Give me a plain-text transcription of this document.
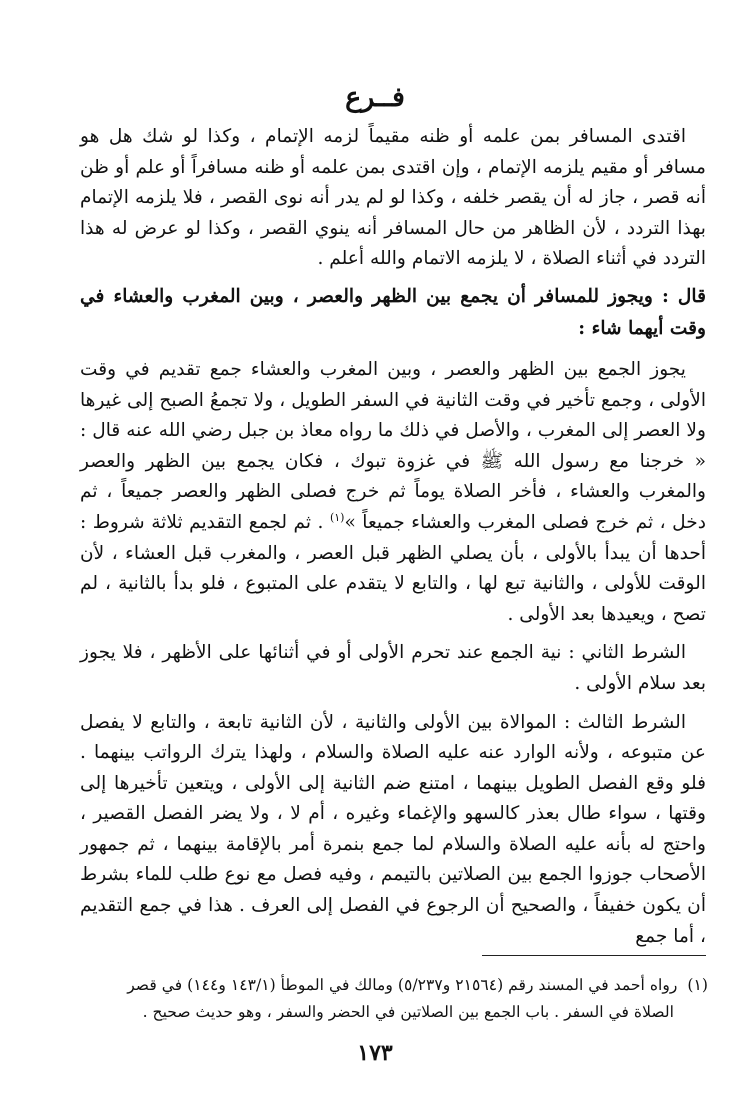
فــرع

اقتدى المسافر بمن علمه أو ظنه مقيماً لزمه الإتمام ، وكذا لو شك هل هو مسافر أو مقيم يلزمه الإتمام ، وإن اقتدى بمن علمه أو ظنه مسافراً أو علم أو ظن أنه قصر ، جاز له أن يقصر خلفه ، وكذا لو لم يدر أنه نوى القصر ، فلا يلزمه الإتمام بهذا التردد ، لأن الظاهر من حال المسافر أنه ينوي القصر ، وكذا لو عرض له هذا التردد في أثناء الصلاة ، لا يلزمه الاتمام والله أعلم .

قال : ويجوز للمسافر أن يجمع بين الظهر والعصر ، وبين المغرب والعشاء في وقت أيهما شاء :

يجوز الجمع بين الظهر والعصر ، وبين المغرب والعشاء جمع تقديم في وقت الأولى ، وجمع تأخير في وقت الثانية في السفر الطويل ، ولا تجمعُ الصبح إلى غيرها ولا العصر إلى المغرب ، والأصل في ذلك ما رواه معاذ بن جبل رضي الله عنه قال : « خرجنا مع رسول الله ﷺ في غزوة تبوك ، فكان يجمع بين الظهر والعصر والمغرب والعشاء ، فأخر الصلاة يوماً ثم خرج فصلى الظهر والعصر جميعاً ، ثم دخل ، ثم خرج فصلى المغرب والعشاء جميعاً »$^{(١)}$ . ثم لجمع التقديم ثلاثة شروط : أحدها أن يبدأ بالأولى ، بأن يصلي الظهر قبل العصر ، والمغرب قبل العشاء ، لأن الوقت للأولى ، والثانية تبع لها ، والتابع لا يتقدم على المتبوع ، فلو بدأ بالثانية ، لم تصح ، ويعيدها بعد الأولى .

الشرط الثاني : نية الجمع عند تحرم الأولى أو في أثنائها على الأظهر ، فلا يجوز بعد سلام الأولى .

الشرط الثالث : الموالاة بين الأولى والثانية ، لأن الثانية تابعة ، والتابع لا يفصل عن متبوعه ، ولأنه الوارد عنه عليه الصلاة والسلام ، ولهذا يترك الرواتب بينهما . فلو وقع الفصل الطويل بينهما ، امتنع ضم الثانية إلى الأولى ، ويتعين تأخيرها إلى وقتها ، سواء طال بعذر كالسهو والإغماء وغيره ، أم لا ، ولا يضر الفصل القصير ، واحتج له بأنه عليه الصلاة والسلام لما جمع بنمرة أمر بالإقامة بينهما ، ثم جمهور الأصحاب جوزوا الجمع بين الصلاتين بالتيمم ، وفيه فصل مع نوع طلب للماء بشرط أن يكون خفيفاً ، والصحيح أن الرجوع في الفصل إلى العرف . هذا في جمع التقديم ، أما جمع

(١)رواه أحمد في المسند رقم (٢١٥٦٤ و٥/٢٣٧) ومالك في الموطأ (١٤٣/١ و١٤٤) في قصر
الصلاة في السفر . باب الجمع بين الصلاتين في الحضر والسفر ، وهو حديث صحيح .
١٧٣
